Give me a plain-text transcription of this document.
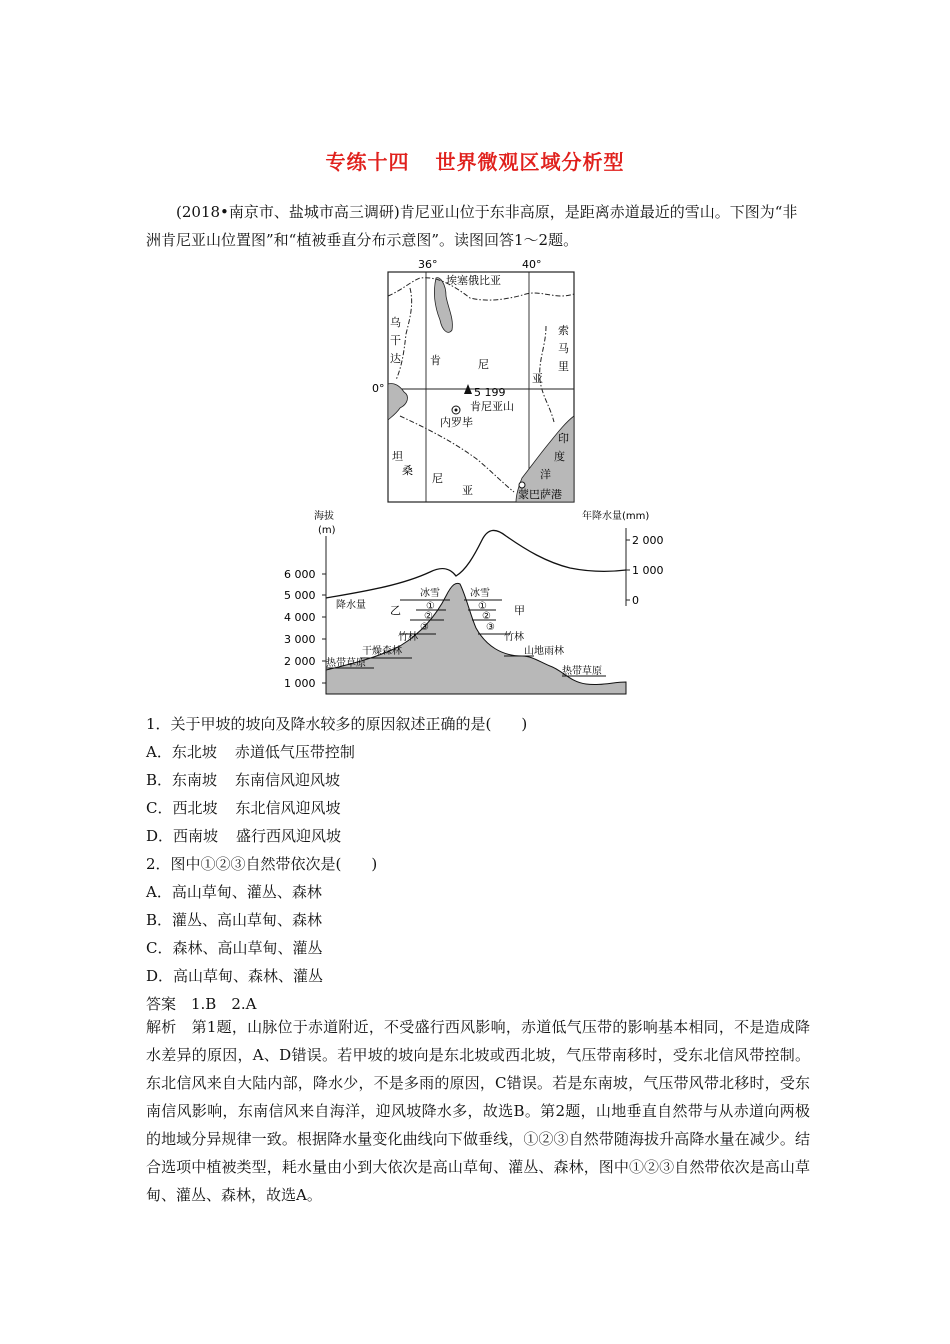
专练十四 世界微观区域分析型
(2018•南京市、盐城市高三调研)肯尼亚山位于东非高原，是距离赤道最近的雪山。下图为“非洲肯尼亚山位置图”和“植被垂直分布示意图”。读图回答1～2题。
36°	40°
0°
埃塞俄比亚
乌
干
达
索
马
里
肯	尼
亚
坦
桑
尼
亚
印
度
洋
5 199
肯尼亚山
内罗毕
蒙巴萨港
海拔
(m)
年降水量(mm)
6 000
5 000
4 000
3 000
2 000
1 000
2 000
1 000
0
降水量
冰雪	冰雪
①	①
②	②
③	③
乙	甲
竹林	竹林
干燥森林
热带草原
山地雨林
热带草原
1．关于甲坡的坡向及降水较多的原因叙述正确的是(　　)
A．东北坡 赤道低气压带控制
B．东南坡 东南信风迎风坡
C．西北坡 东北信风迎风坡
D．西南坡 盛行西风迎风坡
2．图中①②③自然带依次是(　　)
A．高山草甸、灌丛、森林
B．灌丛、高山草甸、森林
C．森林、高山草甸、灌丛
D．高山草甸、森林、灌丛
答案　1.B　2.A
解析　第1题，山脉位于赤道附近，不受盛行西风影响，赤道低气压带的影响基本相同，不是造成降水差异的原因，A、D错误。若甲坡的坡向是东北坡或西北坡，气压带南移时，受东北信风带控制。东北信风来自大陆内部，降水少，不是多雨的原因，C错误。若是东南坡，气压带风带北移时，受东南信风影响，东南信风来自海洋，迎风坡降水多，故选B。第2题，山地垂直自然带与从赤道向两极的地域分异规律一致。根据降水量变化曲线向下做垂线，①②③自然带随海拔升高降水量在减少。结合选项中植被类型，耗水量由小到大依次是高山草甸、灌丛、森林，图中①②③自然带依次是高山草甸、灌丛、森林，故选A。
